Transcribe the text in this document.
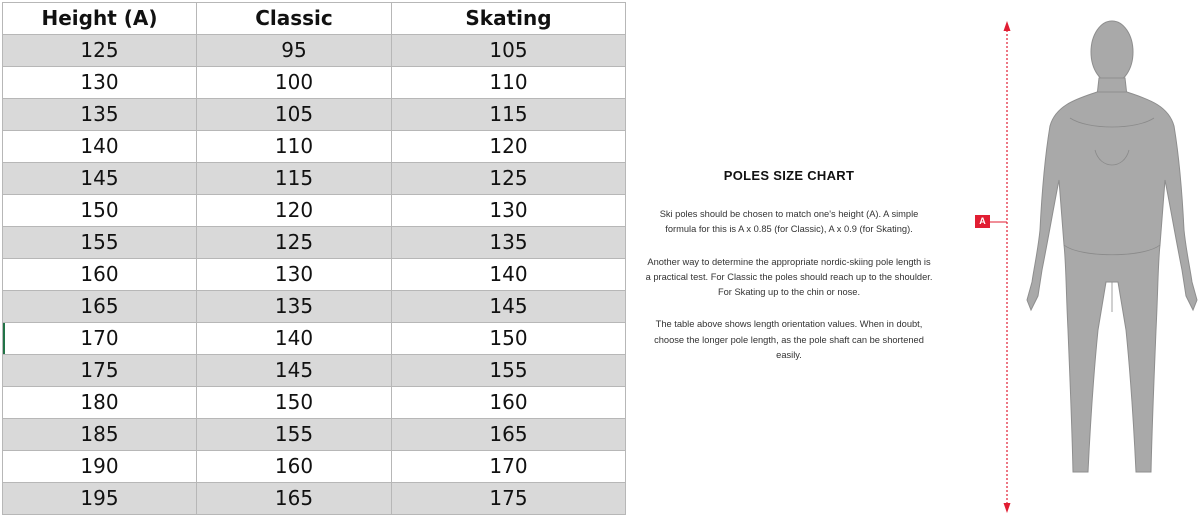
Height (A)	Classic	Skating
125	95	105
130	100	110
135	105	115
140	110	120
145	115	125
150	120	130
155	125	135
160	130	140
165	135	145
170	140	150
175	145	155
180	150	160
185	155	165
190	160	170
195	165	175
POLES SIZE CHART

Ski poles should be chosen to match one's height (A). A simple formula for this is A x 0.85 (for Classic), A x 0.9 (for Skating).

Another way to determine the appropriate nordic-skiing pole length is a practical test. For Classic the poles should reach up to the shoulder. For Skating up to the chin or nose.

The table above shows length orientation values. When in doubt, choose the longer pole length, as the pole shaft can be shortened easily.

A
